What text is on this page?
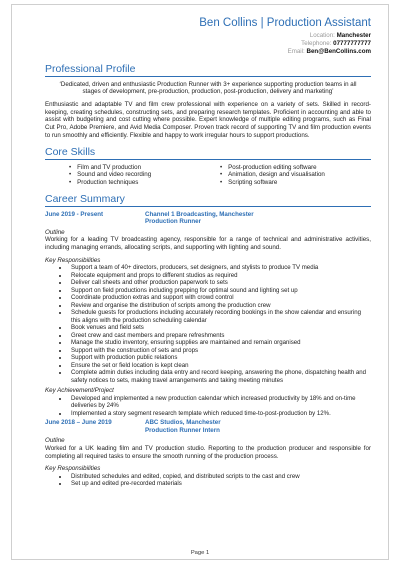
Ben Collins | Production Assistant
Location: Manchester
Telephone: 07777777777
Email: Ben@BenCollins.com
Professional Profile

‘Dedicated, driven and enthusiastic Production Runner with 3+ experience supporting production teams in all stages of development, pre-production, production, post-production, delivery and marketing’

Enthusiastic and adaptable TV and film crew professional with experience on a variety of sets. Skilled in record-keeping, creating schedules, constructing sets, and preparing research templates. Proficient in accounting and able to assist with budgeting and cost cutting where possible. Expert knowledge of multiple editing programs, such as Final Cut Pro, Adobe Premiere, and Avid Media Composer. Proven track record of supporting TV and film production events to run smoothly and efficiently. Flexible and happy to work irregular hours to support productions.

Core Skills
• Film and TV production	• Post-production editing software
• Sound and video recording	• Animation, design and visualisation
• Production techniques	• Scripting software
Career Summary
June 2019 - Present	Channel 1 Broadcasting, Manchester
Production Runner
Outline

Working for a leading TV broadcasting agency, responsible for a range of technical and administrative activities, including managing errands, allocating scripts, and supporting with lighting and sound.

Key Responsibilities
• Support a team of 40+ directors, producers, set designers, and stylists to produce TV media
• Relocate equipment and props to different studios as required
• Deliver call sheets and other production paperwork to sets
• Support on field productions including prepping for optimal sound and lighting set up
• Coordinate production extras and support with crowd control
• Review and organise the distribution of scripts among the production crew
• Schedule guests for productions including accurately recording bookings in the show calendar and ensuring this aligns with the production scheduling calendar
• Book venues and field sets
• Greet crew and cast members and prepare refreshments
• Manage the studio inventory, ensuring supplies are maintained and remain organised
• Support with the construction of sets and props
• Support with production public relations
• Ensure the set or field location is kept clean
• Complete admin duties including data entry and record keeping, answering the phone, dispatching health and safety notices to sets, making travel arrangements and taking meeting minutes
Key Achievement/Project
• Developed and implemented a new production calendar which increased productivity by 18% and on-time deliveries by 24%
• Implemented a story segment research template which reduced time-to-post-production by 12%.
June 2018 – June 2019	ABC Studios, Manchester
Production Runner Intern
Outline

Worked for a UK leading film and TV production studio. Reporting to the production producer and responsible for completing all required tasks to ensure the smooth running of the production process.

Key Responsibilities
• Distributed schedules and edited, copied, and distributed scripts to the cast and crew
• Set up and edited pre-recorded materials
Page 1
